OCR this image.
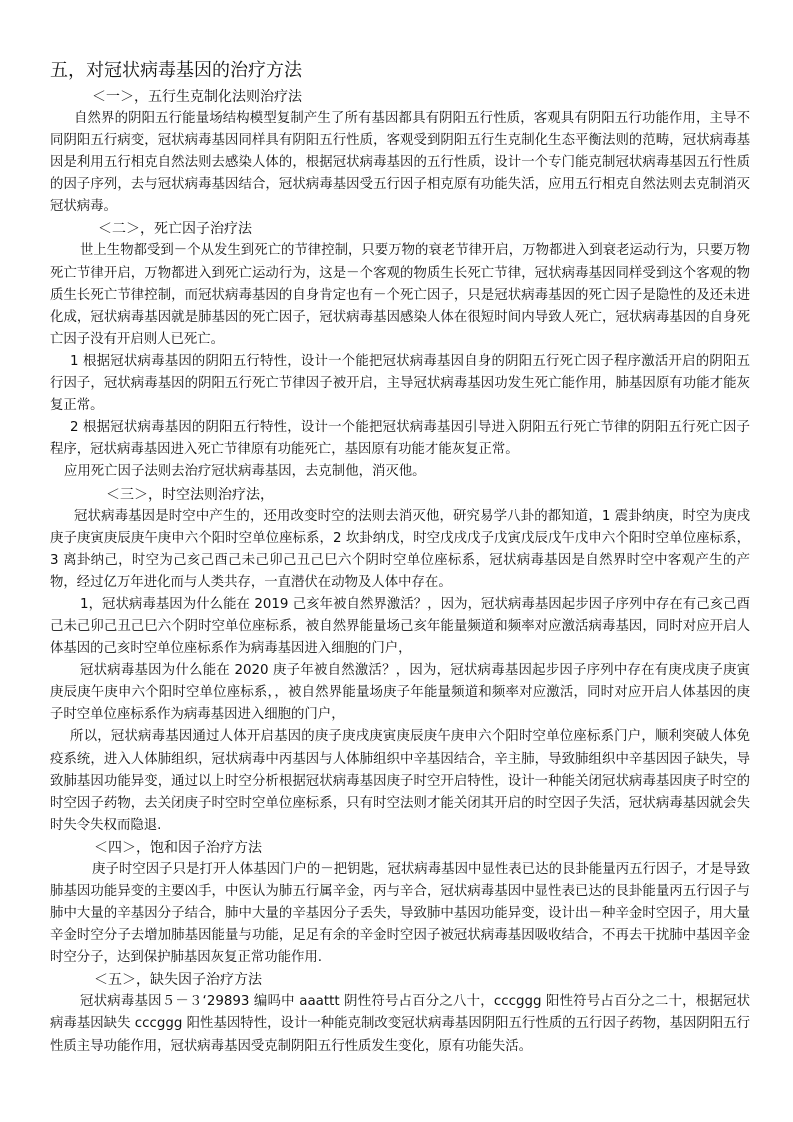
五，对冠状病毒基因的治疗方法
＜一＞，五行生克制化法则治疗法

自然界的阴阳五行能量场结构模型复制产生了所有基因都具有阴阳五行性质，客观具有阴阳五行功能作用，主导不同阴阳五行病变，冠状病毒基因同样具有阴阳五行性质，客观受到阴阳五行生克制化生态平衡法则的范畴，冠状病毒基因是利用五行相克自然法则去感染人体的，根据冠状病毒基因的五行性质，设计一个专门能克制冠状病毒基因五行性质的因子序列，去与冠状病毒基因结合，冠状病毒基因受五行因子相克原有功能失活，应用五行相克自然法则去克制消灭冠状病毒。

＜二＞，死亡因子治疗法

世上生物都受到－个从发生到死亡的节律控制，只要万物的衰老节律开启，万物都进入到衰老运动行为，只要万物死亡节律开启，万物都进入到死亡运动行为，这是－个客观的物质生长死亡节律，冠状病毒基因同样受到这个客观的物质生长死亡节律控制，而冠状病毒基因的自身肯定也有－个死亡因子，只是冠状病毒基因的死亡因子是隐性的及还未进化成，冠状病毒基因就是肺基因的死亡因子，冠状病毒基因感染人体在很短时间内导致人死亡，冠状病毒基因的自身死亡因子没有开启则人已死亡。

1 根据冠状病毒基因的阴阳五行特性，设计一个能把冠状病毒基因自身的阴阳五行死亡因子程序激活开启的阴阳五行因子，冠状病毒基因的阴阳五行死亡节律因子被开启，主导冠状病毒基因功发生死亡能作用，肺基因原有功能才能灰复正常。

2 根据冠状病毒基因的阴阳五行特性，设计一个能把冠状病毒基因引导进入阴阳五行死亡节律的阴阳五行死亡因子程序，冠状病毒基因进入死亡节律原有功能死亡，基因原有功能才能灰复正常。

应用死亡因子法则去治疗冠状病毒基因，去克制他，消灭他。

＜三＞，时空法则治疗法，

冠状病毒基因是时空中产生的，还用改变时空的法则去消灭他，研究易学八卦的都知道，1 震卦纳庚，时空为庚戌庚子庚寅庚辰庚午庚申六个阳时空单位座标系，2 坎卦纳戊，时空戊戌戊子戊寅戊辰戊午戊申六个阳时空单位座标系，3 离卦纳己，时空为己亥己酉己未己卯己丑己巳六个阴时空单位座标系，冠状病毒基因是自然界时空中客观产生的产物，经过亿万年进化而与人类共存，一直潜伏在动物及人体中存在。

1，冠状病毒基因为什么能在 2019 己亥年被自然界激活？，因为，冠状病毒基因起步因子序列中存在有己亥己酉己未己卯己丑己巳六个阴时空单位座标系，被自然界能量场己亥年能量频道和频率对应激活病毒基因，同时对应开启人体基因的己亥时空单位座标系作为病毒基因进入细胞的门户，

冠状病毒基因为什么能在 2020 庚子年被自然激活？，因为，冠状病毒基因起步因子序列中存在有庚戌庚子庚寅庚辰庚午庚申六个阳时空单位座标系，，被自然界能量场庚子年能量频道和频率对应激活，同时对应开启人体基因的庚子时空单位座标系作为病毒基因进入细胞的门户，

所以，冠状病毒基因通过人体开启基因的庚子庚戌庚寅庚辰庚午庚申六个阳时空单位座标系门户，顺利突破人体免疫系统，进入人体肺组织，冠状病毒中丙基因与人体肺组织中辛基因结合，辛主肺，导致肺组织中辛基因因子缺失，导致肺基因功能异变，通过以上时空分析根据冠状病毒基因庚子时空开启特性，设计一种能关闭冠状病毒基因庚子时空的时空因子药物，去关闭庚子时空时空单位座标系，只有时空法则才能关闭其开启的时空因子失活，冠状病毒基因就会失时失令失权而隐退.

＜四＞，饱和因子治疗方法

庚子时空因子只是打开人体基因门户的－把钥匙，冠状病毒基因中显性表已达的艮卦能量丙五行因子，才是导致肺基因功能异变的主要凶手，中医认为肺五行属辛金，丙与辛合，冠状病毒基因中显性表已达的艮卦能量丙五行因子与肺中大量的辛基因分子结合，肺中大量的辛基因分子丢失，导致肺中基因功能异变，设计出－种辛金时空因子，用大量辛金时空分子去增加肺基因能量与功能，足足有余的辛金时空因子被冠状病毒基因吸收结合，不再去干扰肺中基因辛金时空分子，达到保护肺基因灰复正常功能作用.

＜五＞，缺失因子治疗方法

冠状病毒基因５－３‘29893 编吗中 aaattt 阴性符号占百分之八十，cccggg 阳性符号占百分之二十，根据冠状病毒基因缺失 cccggg 阳性基因特性，设计一种能克制改变冠状病毒基因阴阳五行性质的五行因子药物，基因阴阳五行性质主导功能作用，冠状病毒基因受克制阴阳五行性质发生变化，原有功能失活。
